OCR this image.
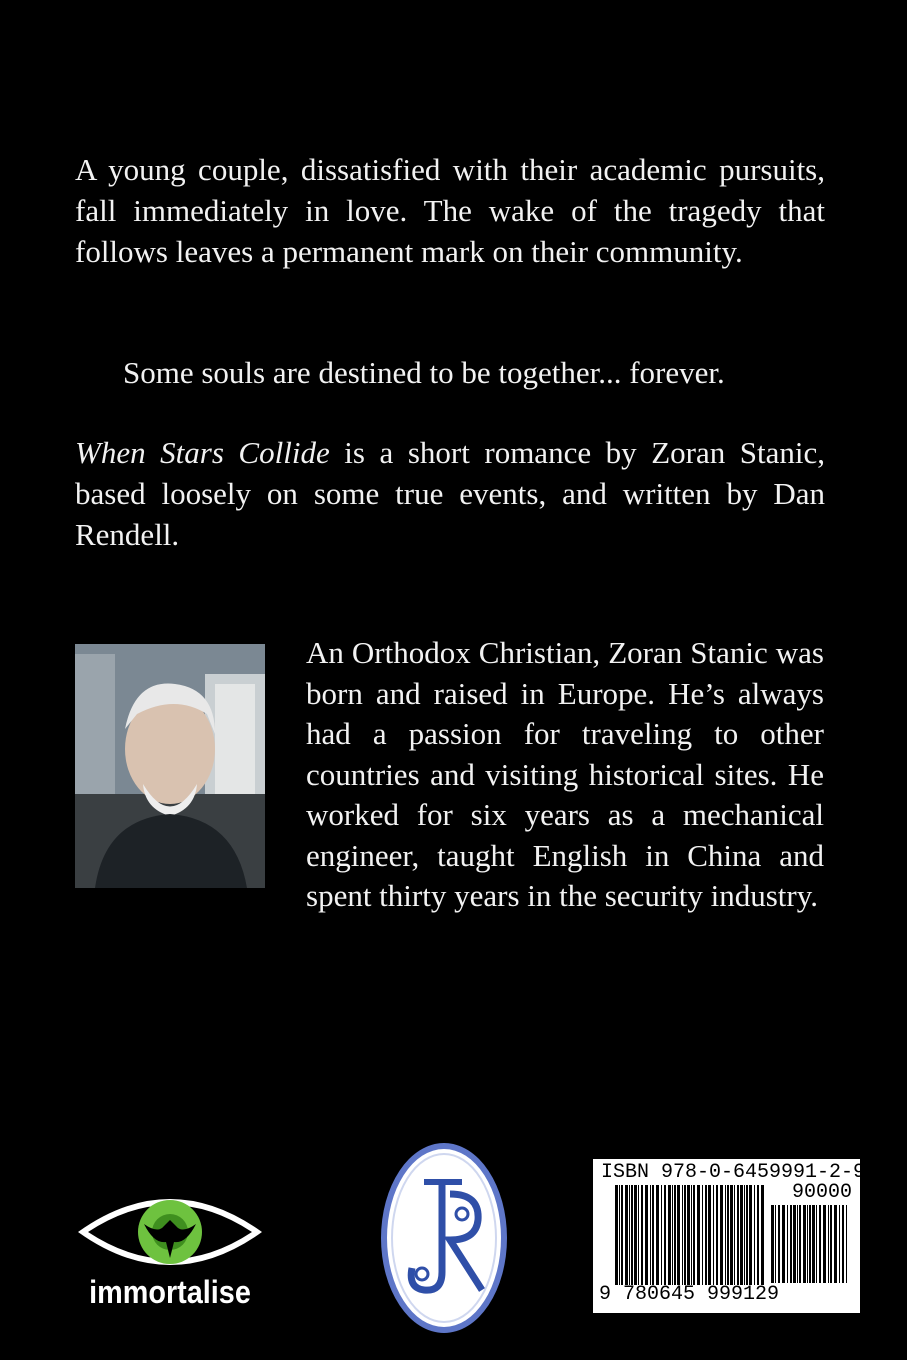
A young couple, dissatisfied with their academic pursuits, fall immediately in love. The wake of the tragedy that follows leaves a permanent mark on their community.

Some souls are destined to be together... forever.

When Stars Collide is a short romance by Zoran Stanic, based loosely on some true events, and written by Dan Rendell.

An Orthodox Christian, Zoran Stanic was born and raised in Europe. He’s always had a passion for traveling to other countries and visiting historical sites. He worked for six years as a mechanical engineer, taught English in China and spent thirty years in the security industry.

immortalise
ISBN 978-0-6459991-2-9
90000
9 780645 999129
